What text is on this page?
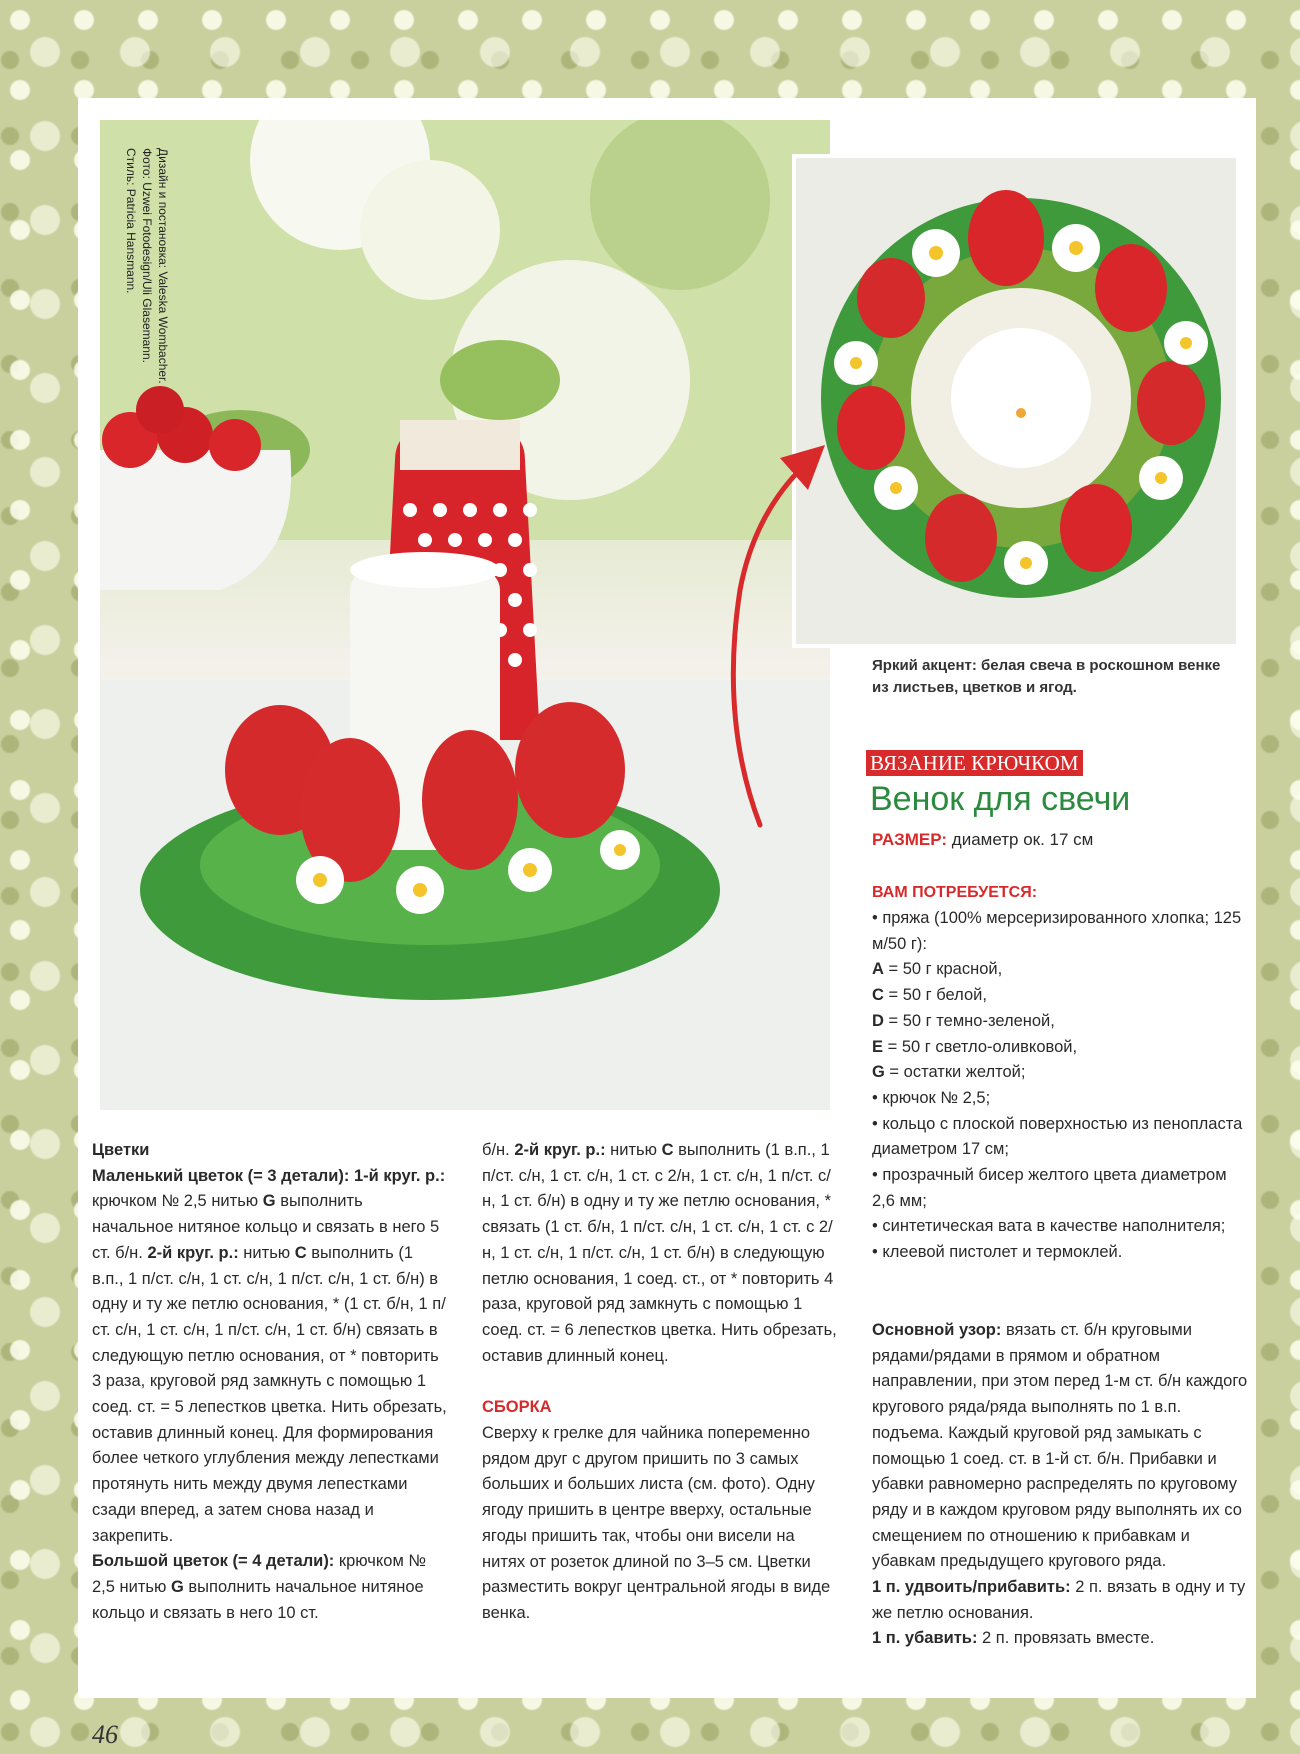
Дизайн и постановка: Valeska Wombacher.
Фото: Uzwei Fotodesign/Uli Glasemann.
Стиль: Patricia Hansmann.
Яркий акцент: белая свеча в роскошном венке из листьев, цветков и ягод.
ВЯЗАНИЕ КРЮЧКОМ
Венок для свечи
РАЗМЕР: диаметр ок. 17 см
ВАМ ПОТРЕБУЕТСЯ:

• пряжа (100% мерсеризированного хлопка; 125 м/50 г):

A = 50 г красной,

C = 50 г белой,

D = 50 г темно-зеленой,

E = 50 г светло-оливковой,

G = остатки желтой;

• крючок № 2,5;

• кольцо с плоской поверхностью из пенопласта диаметром 17 см;

• прозрачный бисер желтого цвета диаметром 2,6 мм;

• синтетическая вата в качестве наполнителя;

• клеевой пистолет и термоклей.

Основной узор: вязать ст. б/н круговыми рядами/рядами в прямом и обратном направлении, при этом перед 1-м ст. б/н каждого кругового ряда/ряда выполнять по 1 в.п. подъема. Каждый круговой ряд замыкать с помощью 1 соед. ст. в 1-й ст. б/н. Прибавки и убавки равномерно распределять по круговому ряду и в каждом круговом ряду выполнять их со смещением по отношению к прибавкам и убавкам предыдущего кругового ряда.

1 п. удвоить/прибавить: 2 п. вязать в одну и ту же петлю основания.

1 п. убавить: 2 п. провязать вместе.

Цветки

Маленький цветок (= 3 детали): 1-й круг. р.: крючком № 2,5 нитью G выполнить начальное нитяное кольцо и связать в него 5 ст. б/н. 2-й круг. р.: нитью C выполнить (1 в.п., 1 п/ст. с/н, 1 ст. с/н, 1 п/ст. с/н, 1 ст. б/н) в одну и ту же петлю основания, * (1 ст. б/н, 1 п/ст. с/н, 1 ст. с/н, 1 п/ст. с/н, 1 ст. б/н) связать в следующую петлю основания, от * повторить 3 раза, круговой ряд замкнуть с помощью 1 соед. ст. = 5 лепестков цветка. Нить обрезать, оставив длинный конец. Для формирования более четкого углубления между лепестками протянуть нить между двумя лепестками сзади вперед, а затем снова назад и закрепить.

Большой цветок (= 4 детали): крючком № 2,5 нитью G выполнить начальное нитяное кольцо и связать в него 10 ст.

б/н. 2-й круг. р.: нитью C выполнить (1 в.п., 1 п/ст. с/н, 1 ст. с/н, 1 ст. с 2/н, 1 ст. с/н, 1 п/ст. с/н, 1 ст. б/н) в одну и ту же петлю основания, * связать (1 ст. б/н, 1 п/ст. с/н, 1 ст. с/н, 1 ст. с 2/н, 1 ст. с/н, 1 п/ст. с/н, 1 ст. б/н) в следующую петлю основания, 1 соед. ст., от * повторить 4 раза, круговой ряд замкнуть с помощью 1 соед. ст. = 6 лепестков цветка. Нить обрезать, оставив длинный конец.

СБОРКА

Сверху к грелке для чайника попеременно рядом друг с другом пришить по 3 самых больших и больших листа (см. фото). Одну ягоду пришить в центре вверху, остальные ягоды пришить так, чтобы они висели на нитях от розеток длиной по 3–5 см. Цветки разместить вокруг центральной ягоды в виде венка.

46
